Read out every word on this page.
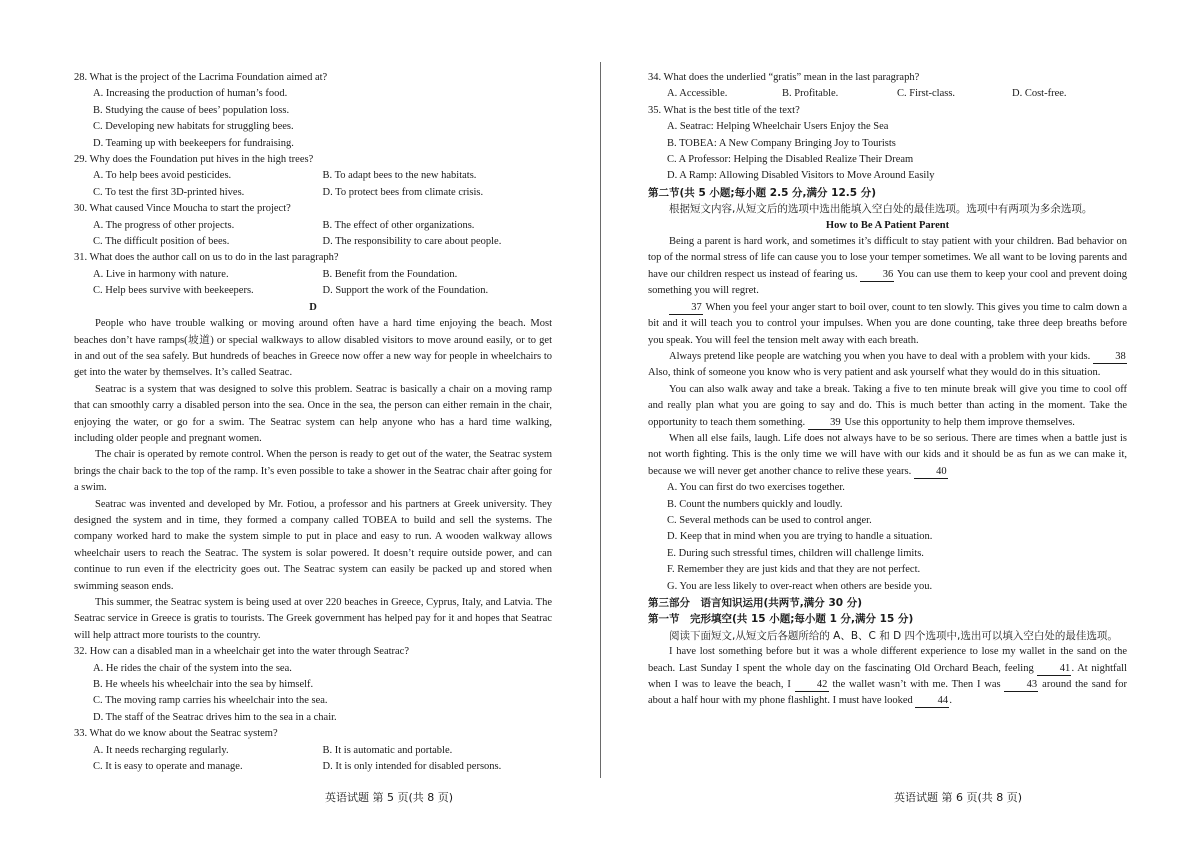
28. What is the project of the Lacrima Foundation aimed at?

A. Increasing the production of human’s food.

B. Studying the cause of bees’ population loss.

C. Developing new habitats for struggling bees.

D. Teaming up with beekeepers for fundraising.

29. Why does the Foundation put hives in the high trees?

A. To help bees avoid pesticides.	B. To adapt bees to the new habitats.

C. To test the first 3D-printed hives.	D. To protect bees from climate crisis.

30. What caused Vince Moucha to start the project?

A. The progress of other projects.	B. The effect of other organizations.

C. The difficult position of bees.	D. The responsibility to care about people.

31. What does the author call on us to do in the last paragraph?

A. Live in harmony with nature.	B. Benefit from the Foundation.

C. Help bees survive with beekeepers.	D. Support the work of the Foundation.

D

People who have trouble walking or moving around often have a hard time enjoying the beach. Most beaches don’t have ramps(坡道) or special walkways to allow disabled visitors to move around easily, or to get in and out of the sea safely. But hundreds of beaches in Greece now offer a new way for people in wheelchairs to get into the water by themselves. It’s called Seatrac.

Seatrac is a system that was designed to solve this problem. Seatrac is basically a chair on a moving ramp that can smoothly carry a disabled person into the sea. Once in the sea, the person can either remain in the chair, enjoying the water, or go for a swim. The Seatrac system can help anyone who has a hard time walking, including older people and pregnant women.

The chair is operated by remote control. When the person is ready to get out of the water, the Seatrac system brings the chair back to the top of the ramp. It’s even possible to take a shower in the Seatrac chair after going for a swim.

Seatrac was invented and developed by Mr. Fotiou, a professor and his partners at Greek university. They designed the system and in time, they formed a company called TOBEA to build and sell the systems. The company worked hard to make the system simple to put in place and easy to run. A wooden walkway allows wheelchair users to reach the Seatrac. The system is solar powered. It doesn’t require outside power, and can continue to run even if the electricity goes out. The Seatrac system can easily be packed up and stored when swimming season ends.

This summer, the Seatrac system is being used at over 220 beaches in Greece, Cyprus, Italy, and Latvia. The Seatrac service in Greece is gratis to tourists. The Greek government has helped pay for it and hopes that Seatrac will help attract more tourists to the country.

32. How can a disabled man in a wheelchair get into the water through Seatrac?

A. He rides the chair of the system into the sea.

B. He wheels his wheelchair into the sea by himself.

C. The moving ramp carries his wheelchair into the sea.

D. The staff of the Seatrac drives him to the sea in a chair.

33. What do we know about the Seatrac system?

A. It needs recharging regularly.	B. It is automatic and portable.

C. It is easy to operate and manage.	D. It is only intended for disabled persons.

34. What does the underlied “gratis” mean in the last paragraph?

A. Accessible.	B. Profitable.	C. First-class.	D. Cost-free.

35. What is the best title of the text?

A. Seatrac: Helping Wheelchair Users Enjoy the Sea

B. TOBEA: A New Company Bringing Joy to Tourists

C. A Professor: Helping the Disabled Realize Their Dream

D. A Ramp: Allowing Disabled Visitors to Move Around Easily

第二节(共 5 小题;每小题 2.5 分,满分 12.5 分)

根据短文内容,从短文后的选项中选出能填入空白处的最佳选项。选项中有两项为多余选项。

How to Be A Patient Parent

Being a parent is hard work, and sometimes it’s difficult to stay patient with your children. Bad behavior on top of the normal stress of life can cause you to lose your temper sometimes. We all want to be loving parents and have our children respect us instead of fearing us. 36 You can use them to keep your cool and prevent doing something you will regret.

37 When you feel your anger start to boil over, count to ten slowly. This gives you time to calm down a bit and it will teach you to control your impulses. When you are done counting, take three deep breaths before you speak. You will feel the tension melt away with each breath.

Always pretend like people are watching you when you have to deal with a problem with your kids. 38 Also, think of someone you know who is very patient and ask yourself what they would do in this situation.

You can also walk away and take a break. Taking a five to ten minute break will give you time to cool off and really plan what you are going to say and do. This is much better than acting in the moment. Take the opportunity to teach them something. 39 Use this opportunity to help them improve themselves.

When all else fails, laugh. Life does not always have to be so serious. There are times when a battle just is not worth fighting. This is the only time we will have with our kids and it should be as fun as we can make it, because we will never get another chance to relive these years. 40

A. You can first do two exercises together.

B. Count the numbers quickly and loudly.

C. Several methods can be used to control anger.

D. Keep that in mind when you are trying to handle a situation.

E. During such stressful times, children will challenge limits.

F. Remember they are just kids and that they are not perfect.

G. You are less likely to over-react when others are beside you.

第三部分　语言知识运用(共两节,满分 30 分)

第一节　完形填空(共 15 小题;每小题 1 分,满分 15 分)

阅读下面短文,从短文后各题所给的 A、B、C 和 D 四个选项中,选出可以填入空白处的最佳选项。

I have lost something before but it was a whole different experience to lose my wallet in the sand on the beach. Last Sunday I spent the whole day on the fascinating Old Orchard Beach, feeling 41. At nightfall when I was to leave the beach, I 42 the wallet wasn’t with me. Then I was 43 around the sand for about a half hour with my phone flashlight. I must have looked 44.

英语试题 第 5 页(共 8 页)	英语试题 第 6 页(共 8 页)
